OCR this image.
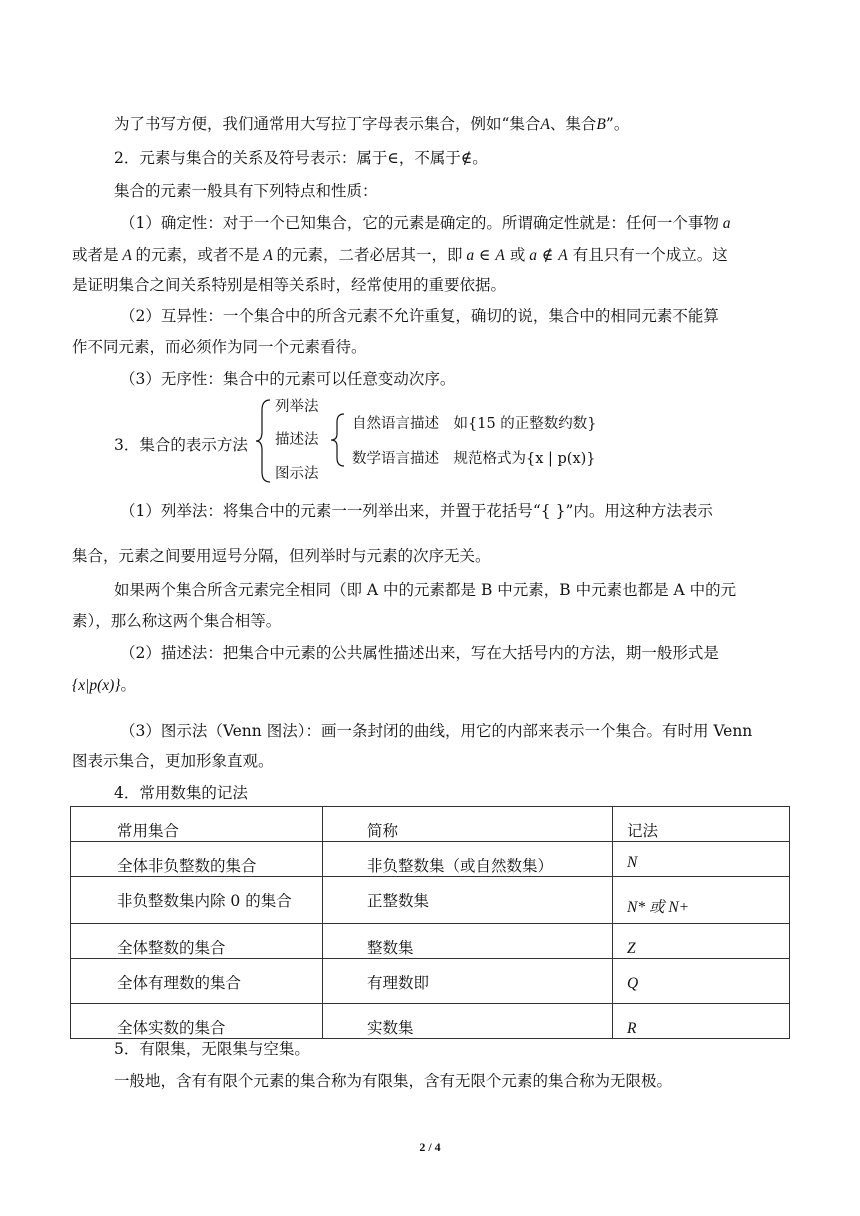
为了书写方便，我们通常用大写拉丁字母表示集合，例如“集合A、集合B”。
2．元素与集合的关系及符号表示：属于∈，不属于∉。
集合的元素一般具有下列特点和性质：
（1）确定性：对于一个已知集合，它的元素是确定的。所谓确定性就是：任何一个事物 a
或者是 A 的元素，或者不是 A 的元素，二者必居其一，即 a ∈ A 或 a ∉ A 有且只有一个成立。这
是证明集合之间关系特别是相等关系时，经常使用的重要依据。
（2）互异性：一个集合中的所含元素不允许重复，确切的说，集合中的相同元素不能算
作不同元素，而必须作为同一个元素看待。
（3）无序性：集合中的元素可以任意变动次序。
3．集合的表示方法
列举法
描述法
图示法
自然语言描述　如{15 的正整数约数}
数学语言描述　规范格式为{x | p(x)}
（1）列举法：将集合中的元素一一列举出来，并置于花括号“{ }”内。用这种方法表示
集合，元素之间要用逗号分隔，但列举时与元素的次序无关。
如果两个集合所含元素完全相同（即 A 中的元素都是 B 中元素，B 中元素也都是 A 中的元
素），那么称这两个集合相等。
（2）描述法：把集合中元素的公共属性描述出来，写在大括号内的方法，期一般形式是
{x|p(x)}。
（3）图示法（Venn 图法）：画一条封闭的曲线，用它的内部来表示一个集合。有时用 Venn
图表示集合，更加形象直观。
4．常用数集的记法
常用集合	简称	记法
全体非负整数的集合	非负整数集（或自然数集）	N
非负整数集内除 0 的集合	正整数集	N* 或 N+
全体整数的集合	整数集	Z
全体有理数的集合	有理数即	Q
全体实数的集合	实数集	R
5．有限集，无限集与空集。
一般地，含有有限个元素的集合称为有限集，含有无限个元素的集合称为无限极。
2 / 4
